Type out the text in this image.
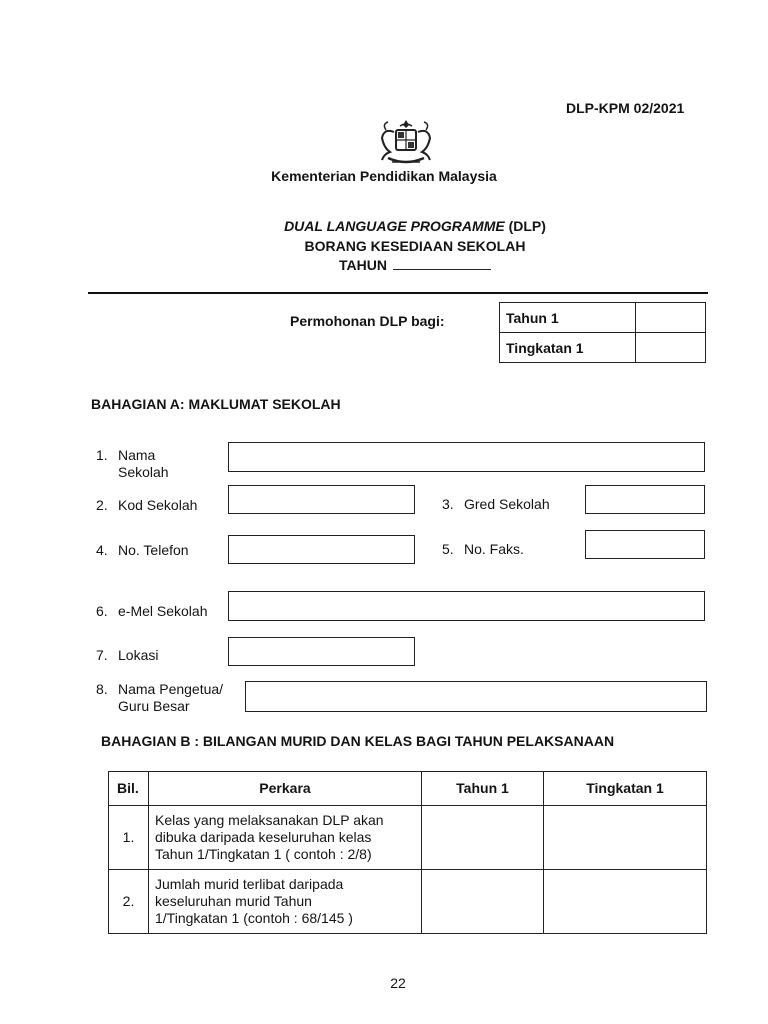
DLP-KPM 02/2021
Kementerian Pendidikan Malaysia
DUAL LANGUAGE PROGRAMME (DLP)
BORANG KESEDIAAN SEKOLAH
TAHUN
Permohonan DLP bagi:	Tahun 1	
Tingkatan 1	
BAHAGIAN A: MAKLUMAT SEKOLAH
1. Nama
Sekolah
2. Kod Sekolah	3. Gred Sekolah
4. No. Telefon	5. No. Faks.
6. e-Mel Sekolah
7. Lokasi
8. Nama Pengetua/
Guru Besar
BAHAGIAN B : BILANGAN MURID DAN KELAS BAGI TAHUN PELAKSANAAN
Bil.	Perkara	Tahun 1	Tingkatan 1
1.	Kelas yang melaksanakan DLP akan
dibuka daripada keseluruhan kelas
Tahun 1/Tingkatan 1 ( contoh : 2/8)		
2.	Jumlah murid terlibat daripada
keseluruhan murid Tahun
1/Tingkatan 1 (contoh : 68/145 )		
22
